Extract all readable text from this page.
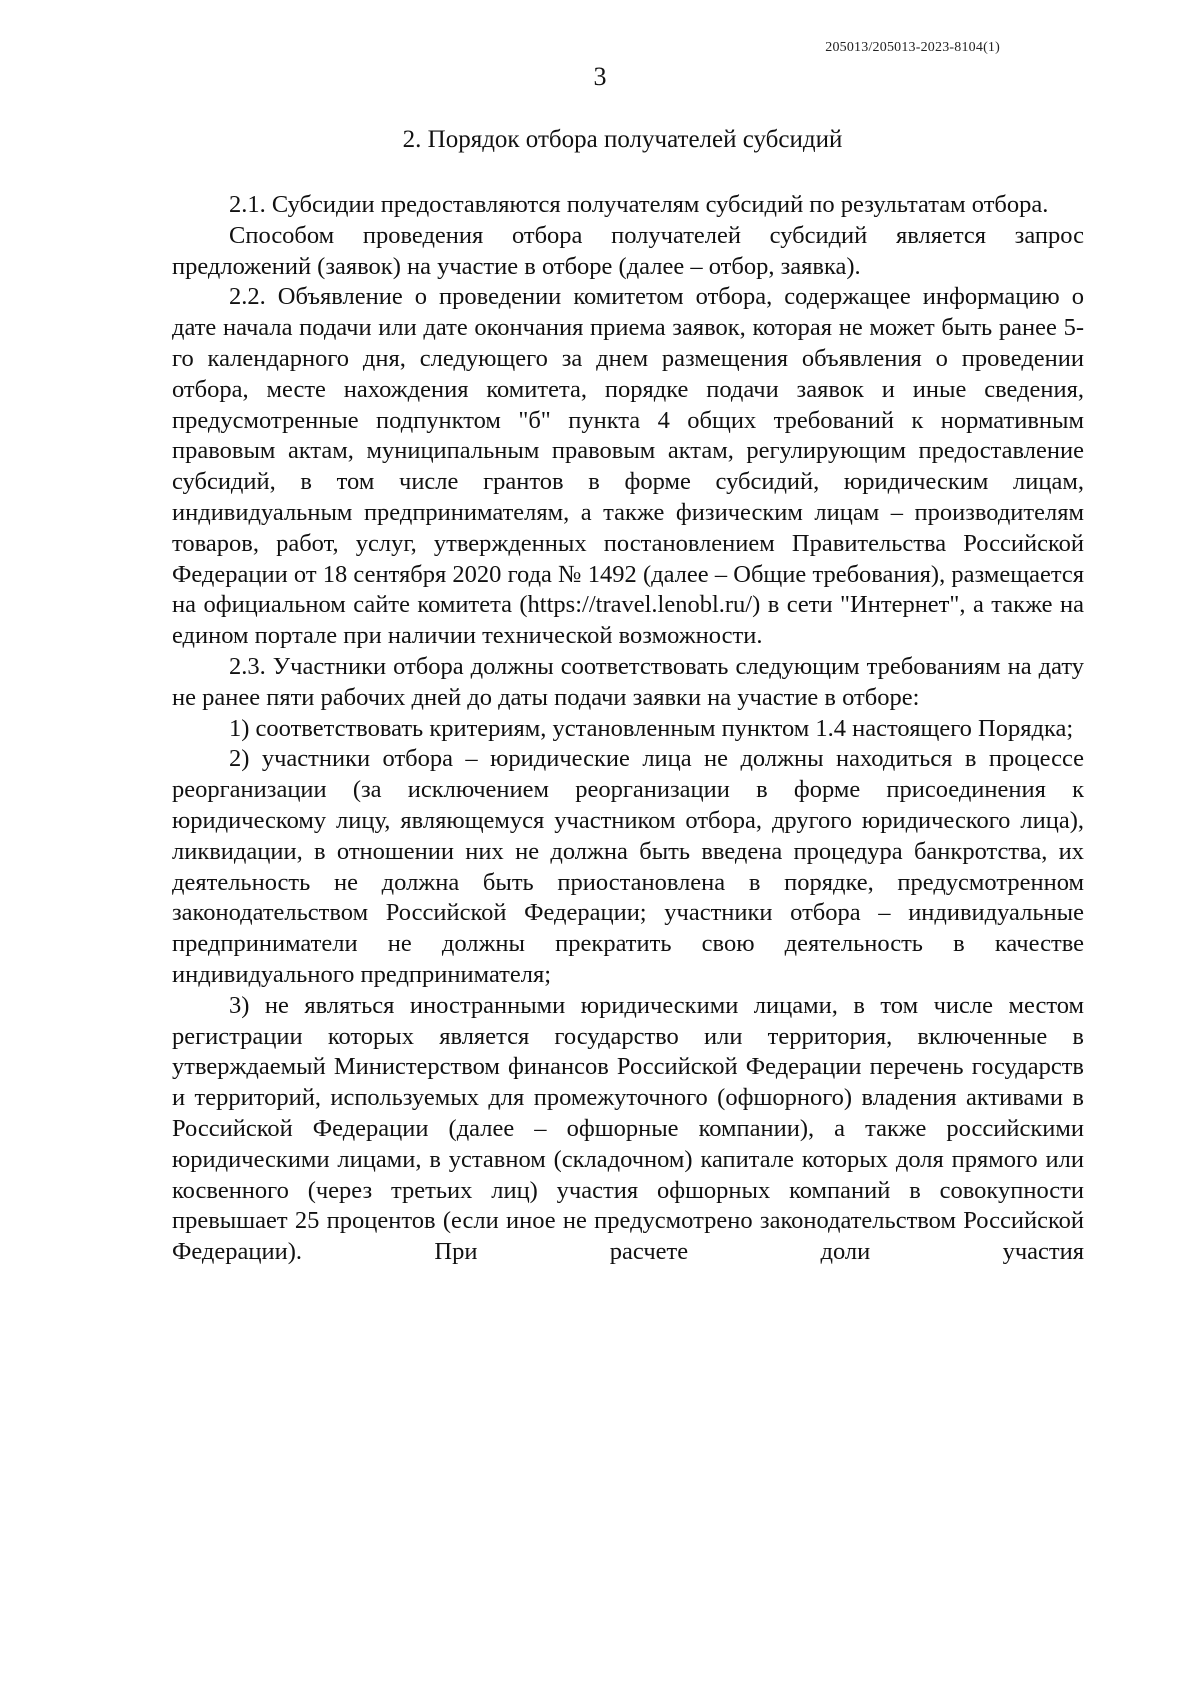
205013/205013-2023-8104(1)
3
2. Порядок отбора получателей субсидий

2.1. Субсидии предоставляются получателям субсидий по результатам отбора.

Способом проведения отбора получателей субсидий является запрос предложений (заявок) на участие в отборе (далее – отбор, заявка).

2.2. Объявление о проведении комитетом отбора, содержащее информацию о дате начала подачи или дате окончания приема заявок, которая не может быть ранее 5-го календарного дня, следующего за днем размещения объявления о проведении отбора, месте нахождения комитета, порядке подачи заявок и иные сведения, предусмотренные подпунктом "б" пункта 4 общих требований к нормативным правовым актам, муниципальным правовым актам, регулирующим предоставление субсидий, в том числе грантов в форме субсидий, юридическим лицам, индивидуальным предпринимателям, а также физическим лицам – производителям товаров, работ, услуг, утвержденных постановлением Правительства Российской Федерации от 18 сентября 2020 года № 1492 (далее – Общие требования), размещается на официальном сайте комитета (https://travel.lenobl.ru/) в сети "Интернет", а также на едином портале при наличии технической возможности.

2.3. Участники отбора должны соответствовать следующим требованиям на дату не ранее пяти рабочих дней до даты подачи заявки на участие в отборе:

1) соответствовать критериям, установленным пунктом 1.4 настоящего Порядка;

2) участники отбора – юридические лица не должны находиться в процессе реорганизации (за исключением реорганизации в форме присоединения к юридическому лицу, являющемуся участником отбора, другого юридического лица), ликвидации, в отношении них не должна быть введена процедура банкротства, их деятельность не должна быть приостановлена в порядке, предусмотренном законодательством Российской Федерации; участники отбора – индивидуальные предприниматели не должны прекратить свою деятельность в качестве индивидуального предпринимателя;

3) не являться иностранными юридическими лицами, в том числе местом регистрации которых является государство или территория, включенные в утверждаемый Министерством финансов Российской Федерации перечень государств и территорий, используемых для промежуточного (офшорного) владения активами в Российской Федерации (далее – офшорные компании), а также российскими юридическими лицами, в уставном (складочном) капитале которых доля прямого или косвенного (через третьих лиц) участия офшорных компаний в совокупности превышает 25 процентов (если иное не предусмотрено законодательством Российской Федерации). При расчете доли участия
